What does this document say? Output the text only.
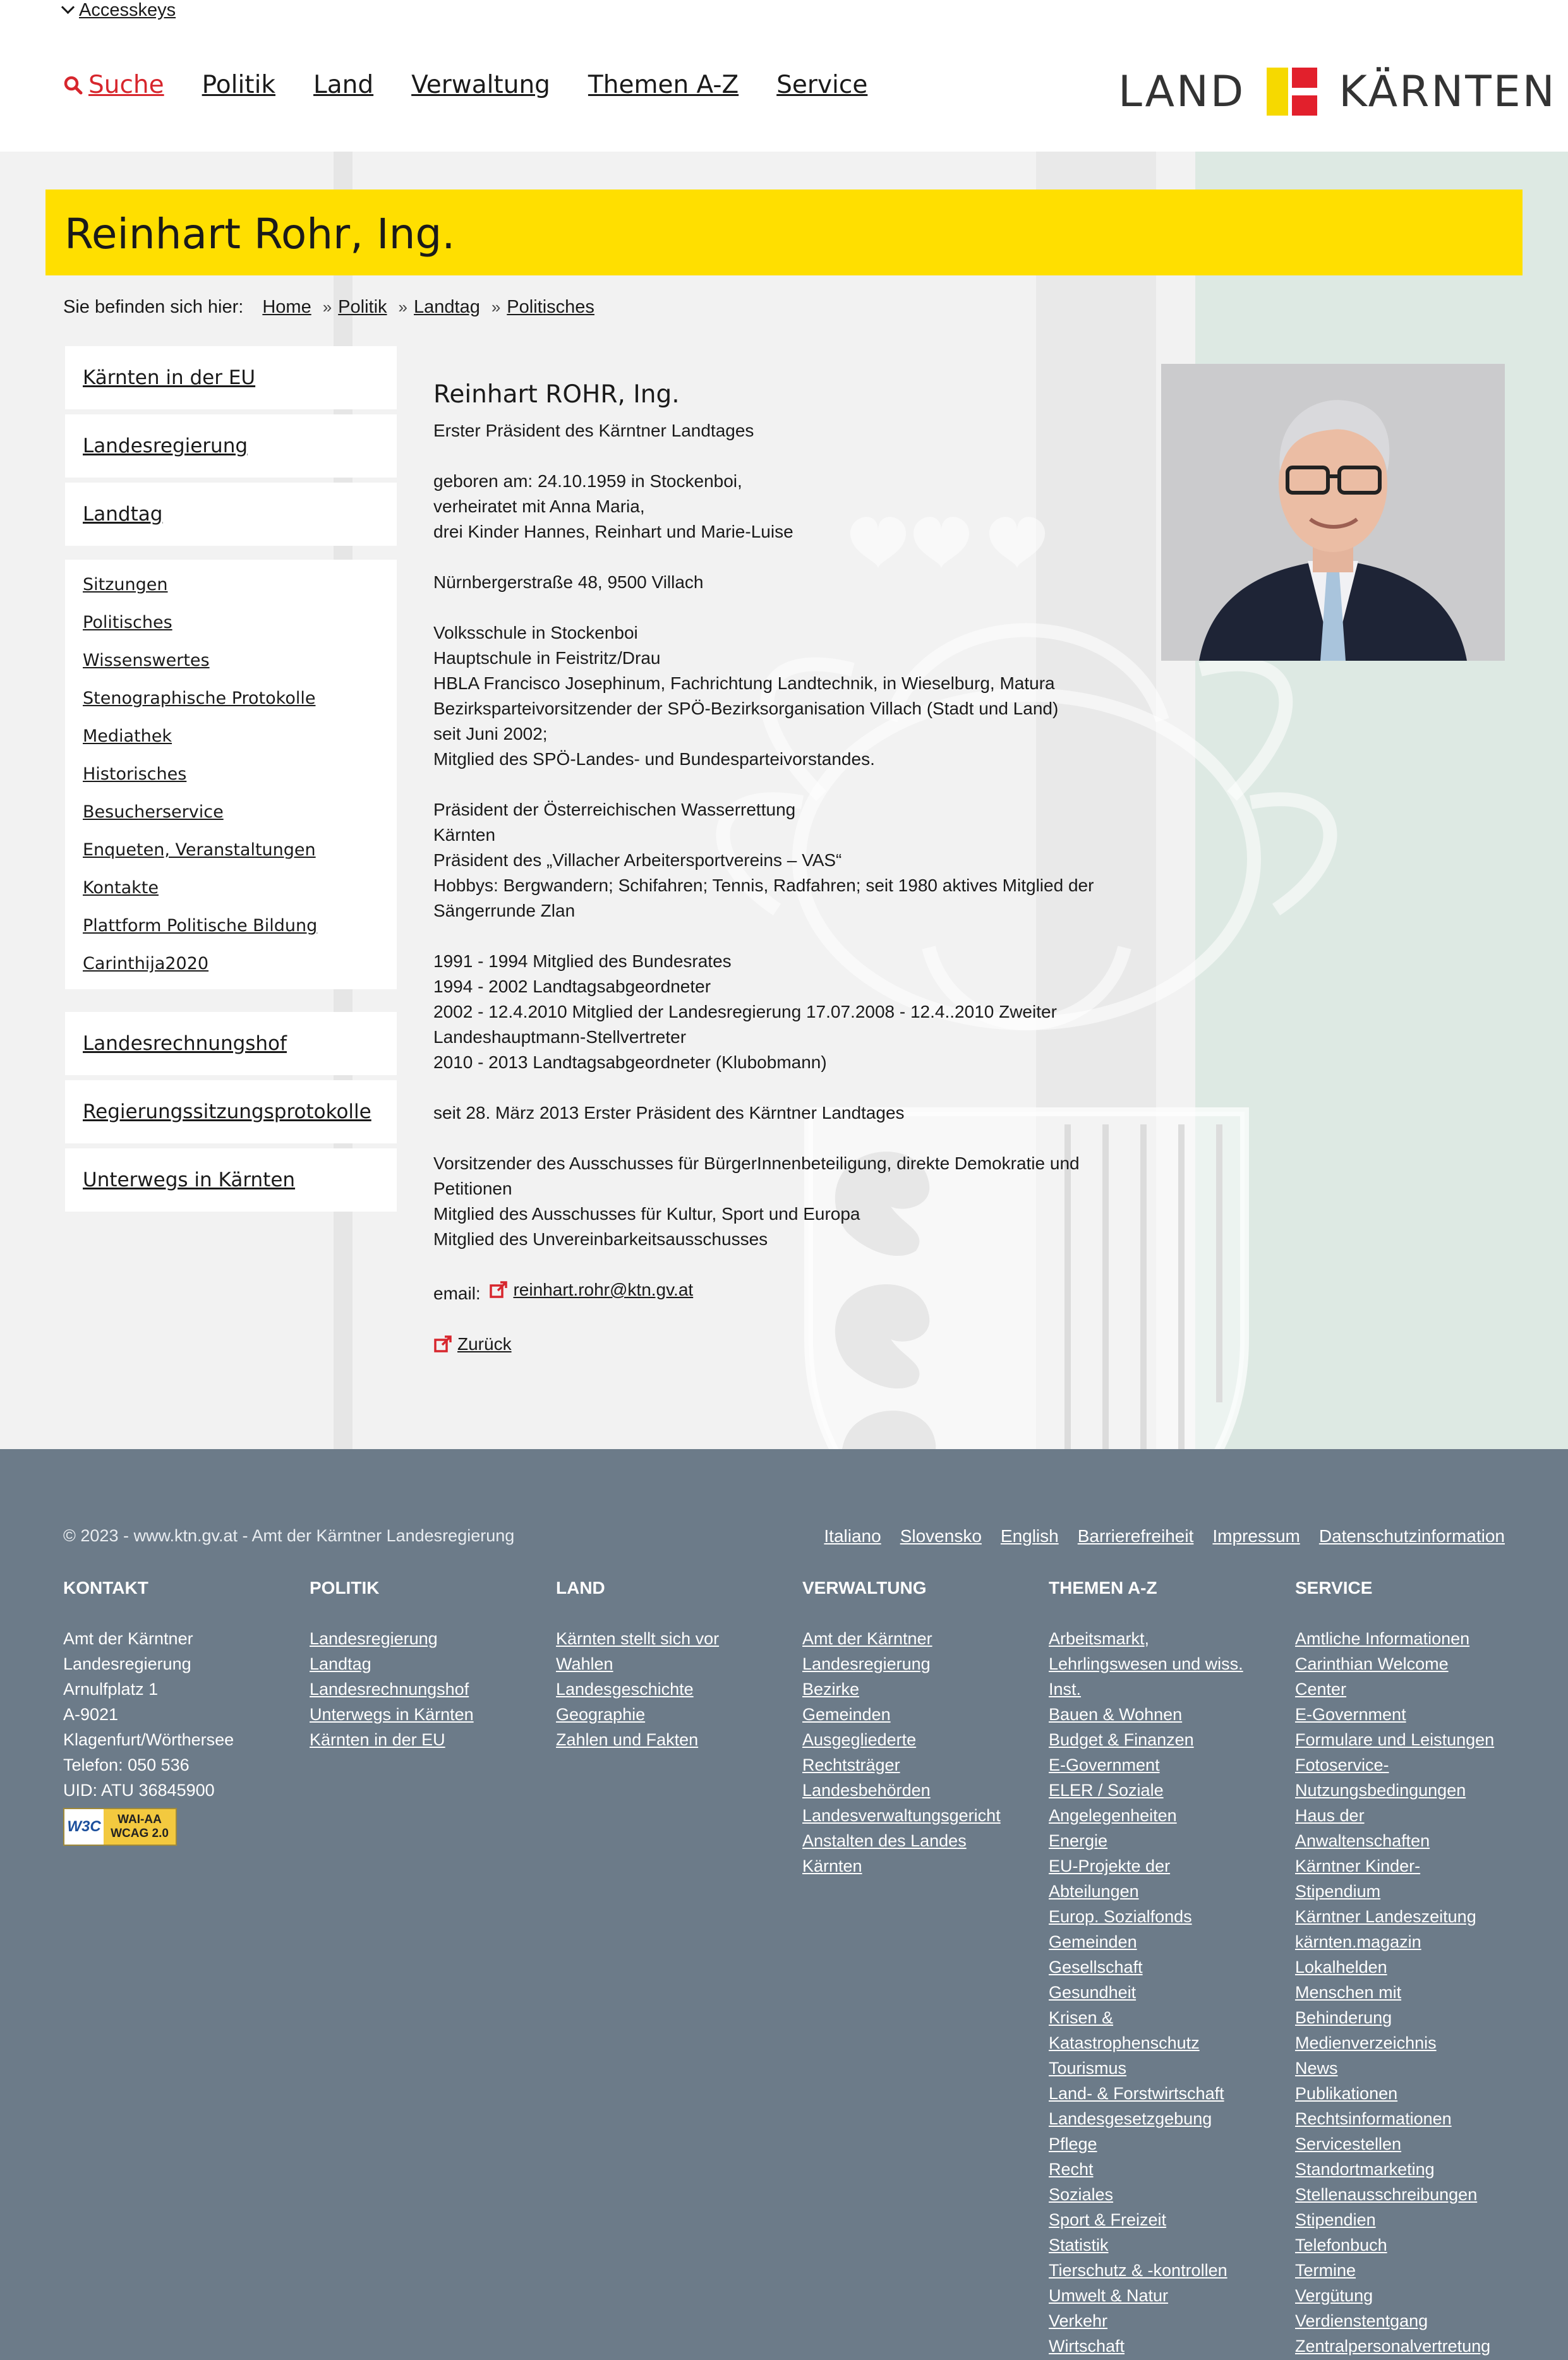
Accesskeys
Suche Politik Land Verwaltung Themen A-Z Service	LAND KÄRNTEN
Reinhart Rohr, Ing.
Sie befinden sich hier: Home » Politik » Landtag » Politisches
Kärnten in der EU
Landesregierung
Landtag
Sitzungen
Politisches
Wissenswertes
Stenographische Protokolle
Mediathek
Historisches
Besucherservice
Enqueten, Veranstaltungen
Kontakte
Plattform Politische Bildung
Carinthija2020
Landesrechnungshof
Regierungssitzungsprotokolle
Unterwegs in Kärnten
Reinhart ROHR, Ing.
Erster Präsident des Kärntner Landtages
geboren am: 24.10.1959 in Stockenboi,
verheiratet mit Anna Maria,
drei Kinder Hannes, Reinhart und Marie-Luise
Nürnbergerstraße 48, 9500 Villach
Volksschule in Stockenboi
Hauptschule in Feistritz/Drau
HBLA Francisco Josephinum, Fachrichtung Landtechnik, in Wieselburg, Matura
Bezirksparteivorsitzender der SPÖ-Bezirksorganisation Villach (Stadt und Land)
seit Juni 2002;
Mitglied des SPÖ-Landes- und Bundesparteivorstandes.
Präsident der Österreichischen Wasserrettung
Kärnten
Präsident des „Villacher Arbeitersportvereins – VAS“
Hobbys: Bergwandern; Schifahren; Tennis, Radfahren; seit 1980 aktives Mitglied der
Sängerrunde Zlan
1991 - 1994 Mitglied des Bundesrates
1994 - 2002 Landtagsabgeordneter
2002 - 12.4.2010 Mitglied der Landesregierung 17.07.2008 - 12.4..2010 Zweiter
Landeshauptmann-Stellvertreter
2010 - 2013 Landtagsabgeordneter (Klubobmann)
seit 28. März 2013 Erster Präsident des Kärntner Landtages
Vorsitzender des Ausschusses für BürgerInnenbeteiligung, direkte Demokratie und
Petitionen
Mitglied des Ausschusses für Kultur, Sport und Europa
Mitglied des Unvereinbarkeitsausschusses
email: reinhart.rohr@ktn.gv.at
Zurück
© 2023 - www.ktn.gv.at - Amt der Kärntner Landesregierung	Italiano Slovensko English Barrierefreiheit Impressum Datenschutzinformation
KONTAKT
Amt der Kärntner
Landesregierung
Arnulfplatz 1
A-9021
Klagenfurt/Wörthersee
Telefon: 050 536
UID: ATU 36845900
W3C WAI-AA
WCAG 2.0
POLITIK
Landesregierung
Landtag
Landesrechnungshof
Unterwegs in Kärnten
Kärnten in der EU
LAND
Kärnten stellt sich vor
Wahlen
Landesgeschichte
Geographie
Zahlen und Fakten
VERWALTUNG
Amt der Kärntner
Landesregierung
Bezirke
Gemeinden
Ausgegliederte
Rechtsträger
Landesbehörden
Landesverwaltungsgericht
Anstalten des Landes
Kärnten
THEMEN A-Z
Arbeitsmarkt,
Lehrlingswesen und wiss.
Inst.
Bauen & Wohnen
Budget & Finanzen
E-Government
ELER / Soziale
Angelegenheiten
Energie
EU-Projekte der
Abteilungen
Europ. Sozialfonds
Gemeinden
Gesellschaft
Gesundheit
Krisen &
Katastrophenschutz
Tourismus
Land- & Forstwirtschaft
Landesgesetzgebung
Pflege
Recht
Soziales
Sport & Freizeit
Statistik
Tierschutz & -kontrollen
Umwelt & Natur
Verkehr
Wirtschaft
SERVICE
Amtliche Informationen
Carinthian Welcome
Center
E-Government
Formulare und Leistungen
Fotoservice-
Nutzungsbedingungen
Haus der
Anwaltenschaften
Kärntner Kinder-
Stipendium
Kärntner Landeszeitung
kärnten.magazin
Lokalhelden
Menschen mit
Behinderung
Medienverzeichnis
News
Publikationen
Rechtsinformationen
Servicestellen
Standortmarketing
Stellenausschreibungen
Stipendien
Telefonbuch
Termine
Vergütung
Verdienstentgang
Zentralpersonalvertretung
